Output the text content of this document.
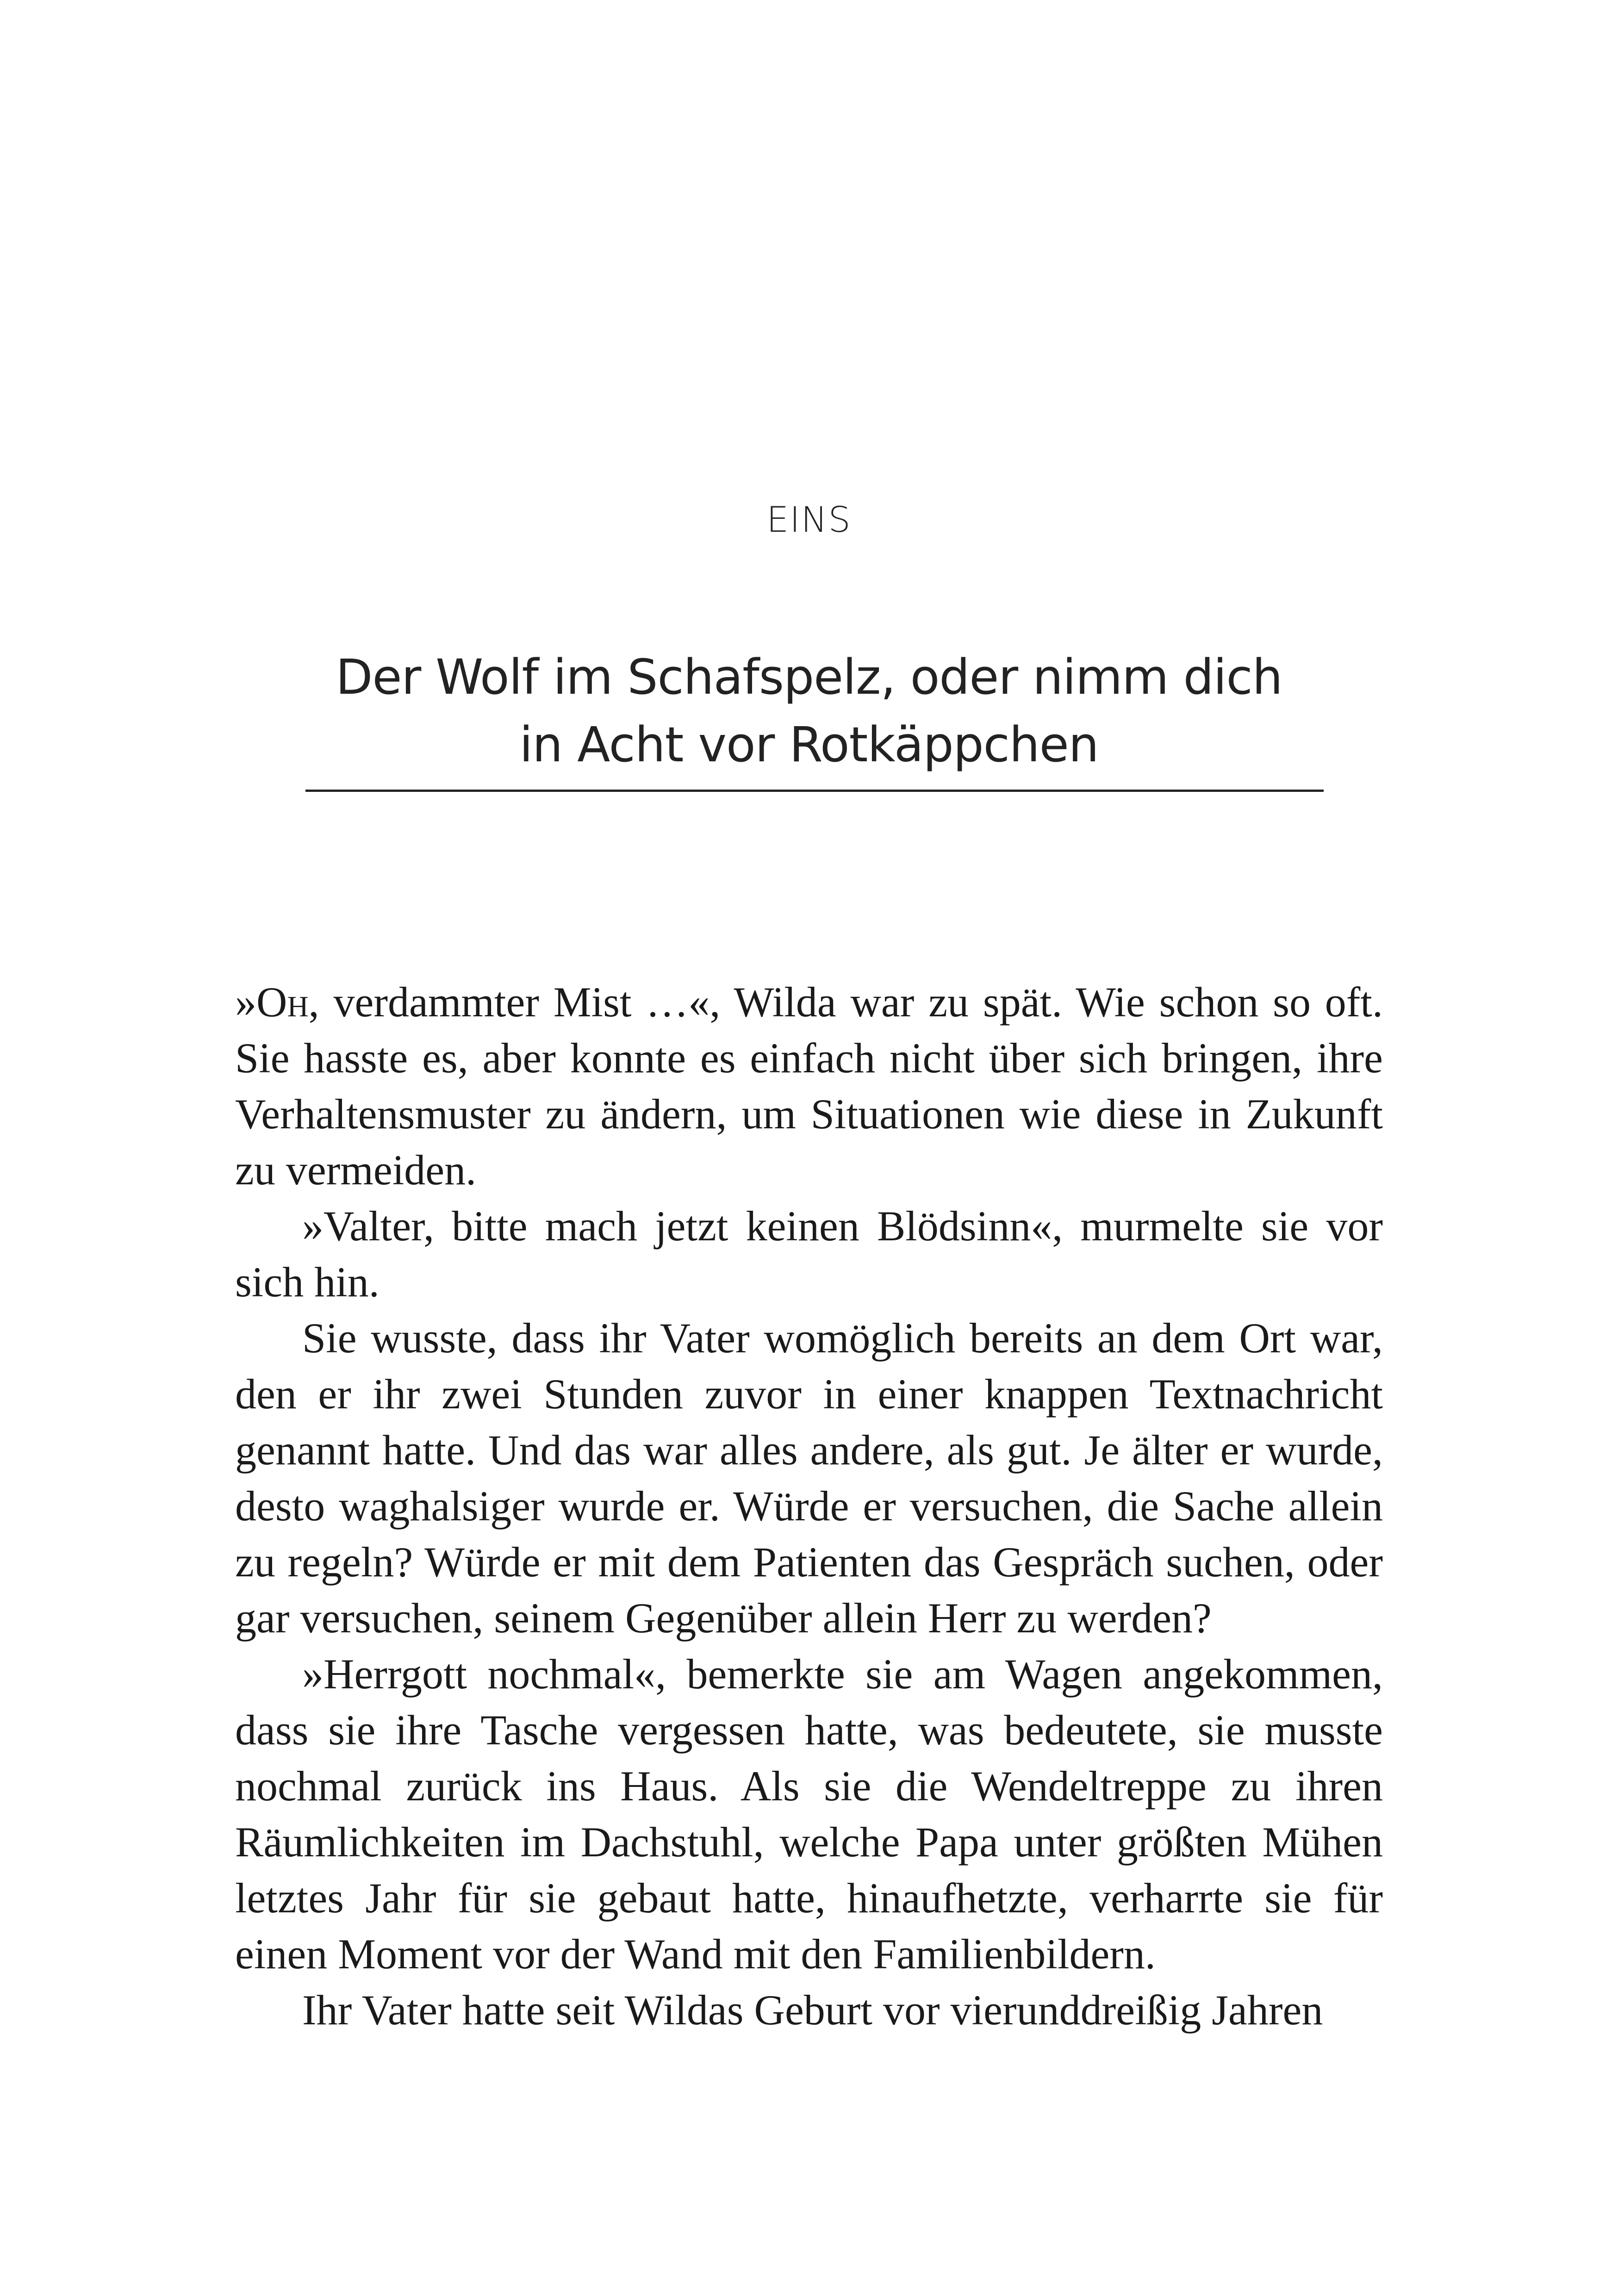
EINS
Der Wolf im Schafspelz, oder nimm dich
in Acht vor Rotkäppchen

»Oh, verdammter Mist …«, Wilda war zu spät. Wie schon so oft. Sie hasste es, aber konnte es einfach nicht über sich bringen, ihre Verhaltensmuster zu ändern, um Situationen wie diese in Zukunft zu vermeiden.

»Valter, bitte mach jetzt keinen Blödsinn«, murmelte sie vor sich hin.

Sie wusste, dass ihr Vater womöglich bereits an dem Ort war, den er ihr zwei Stunden zuvor in einer knappen Textnachricht genannt hatte. Und das war alles andere, als gut. Je älter er wurde, desto waghalsiger wurde er. Würde er versuchen, die Sache allein zu regeln? Würde er mit dem Patienten das Gespräch suchen, oder gar versuchen, seinem Gegenüber allein Herr zu werden?

»Herrgott nochmal«, bemerkte sie am Wagen angekommen, dass sie ihre Tasche vergessen hatte, was bedeutete, sie musste nochmal zurück ins Haus. Als sie die Wendeltreppe zu ihren Räumlichkeiten im Dachstuhl, welche Papa unter größten Mühen letztes Jahr für sie gebaut hatte, hinaufhetzte, verharrte sie für einen Moment vor der Wand mit den Familienbildern.

Ihr Vater hatte seit Wildas Geburt vor vierunddreißig Jahren
